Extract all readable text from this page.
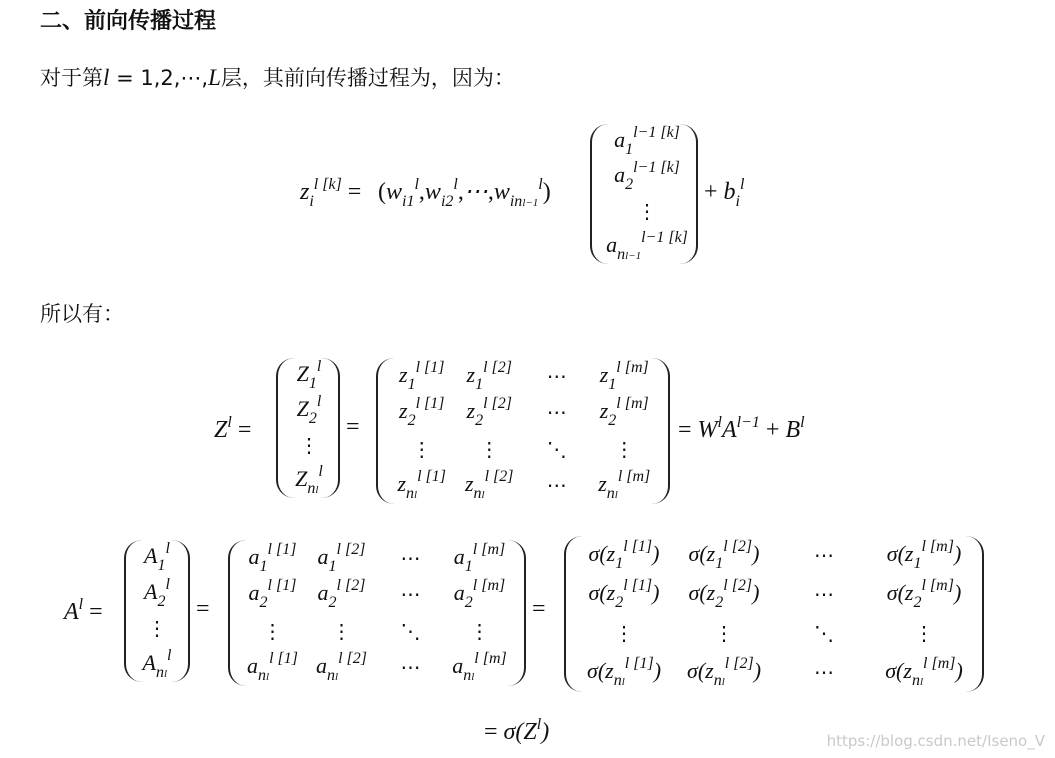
二、前向传播过程
对于第l = 1,2,⋯,L层，其前向传播过程为，因为：
所以有：
$z_i^{l [k]}$ = $(w_{i1}^l,w_{i2}^l,\cdots,w_{inl-1}^l)$
$a_1^{l-1 [k]}$
$a_2^{l-1 [k]}$
⋮
$a_{nl-1}^{l-1 [k]}$
+ $b_i^l$
$Z^l$ =
$Z_1^l$
$Z_2^l$
⋮
$Z_{nl}^l$
=
$z_1^{l [1]}$ $z_1^{l [2]}$ ⋯ $z_1^{l [m]}$
$z_2^{l [1]}$ $z_2^{l [2]}$ ⋯ $z_2^{l [m]}$
⋮ ⋮ ⋱ ⋮
$z_{nl}^{l [1]}$ $z_{nl}^{l [2]}$ ⋯ $z_{nl}^{l [m]}$
= $W^lA^{l-1} + B^l$
$A^l$ =
$A_1^l$
$A_2^l$
⋮
$A_{nl}^l$
=
$a_1^{l [1]}$ $a_1^{l [2]}$ ⋯ $a_1^{l [m]}$
$a_2^{l [1]}$ $a_2^{l [2]}$ ⋯ $a_2^{l [m]}$
⋮ ⋮ ⋱ ⋮
$a_{nl}^{l [1]}$ $a_{nl}^{l [2]}$ ⋯ $a_{nl}^{l [m]}$
=
$\sigma(z_1^{l [1]})$ $\sigma(z_1^{l [2]})$	⋯ $\sigma(z_1^{l [m]})$
$\sigma(z_2^{l [1]})$ $\sigma(z_2^{l [2]})$	⋯ $\sigma(z_2^{l [m]})$
⋮	⋮	⋱	⋮
$\sigma(z_{nl}^{l [1]})$ $\sigma(z_{nl}^{l [2]})$	⋯ $\sigma(z_{nl}^{l [m]})$
= $\sigma(Z^l)$	https://blog.csdn.net/Iseno_V
